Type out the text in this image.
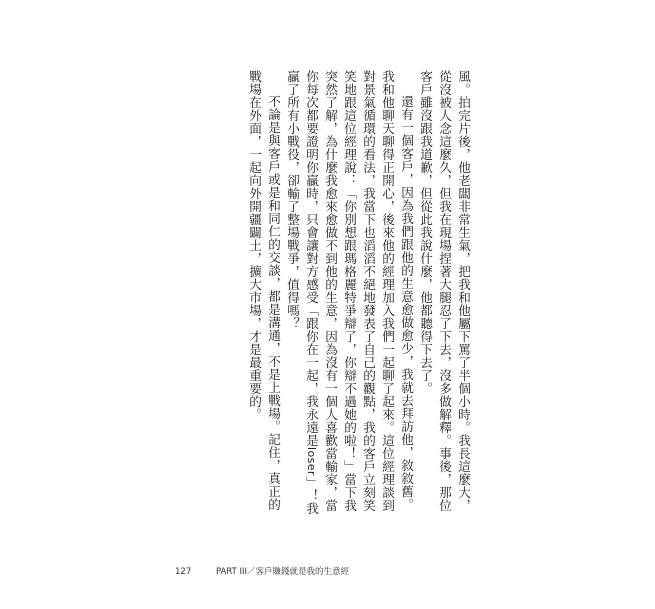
風。拍完片後，他老闆非常生氣，把我和他屬下罵了半個小時。我長這麼大，

從沒被人念這麼久，但我在現場捏著大腿忍了下去，沒多做解釋。事後，那位

客戶雖沒跟我道歉，但從此我說什麼，他都聽得下去了。

還有一個客戶，因為我們跟他的生意愈做愈少，我就去拜訪他，敘敘舊。

我和他聊天聊得正開心，後來他的經理加入我們一起聊了起來。這位經理談到

對景氣循環的看法，我當下也滔滔不絕地發表了自己的觀點，我的客戶立刻笑

笑地跟這位經理說：「你別想跟瑪格麗特爭辯了，你辯不過她的啦！」當下我

突然了解，為什麼我愈來愈做不到他的生意，因為沒有一個人喜歡當輸家，當

你每次都要證明你贏時，只會讓對方感受「跟你在一起，我永遠是loser」！我

贏了所有小戰役，卻輸了整場戰爭，值得嗎？

不論是與客戶或是和同仁的交談，都是溝通，不是上戰場。記住，真正的

戰場在外面，一起向外開疆闢土，擴大市場，才是最重要的。

127	PART III／客戶賺錢就是我的生意經
